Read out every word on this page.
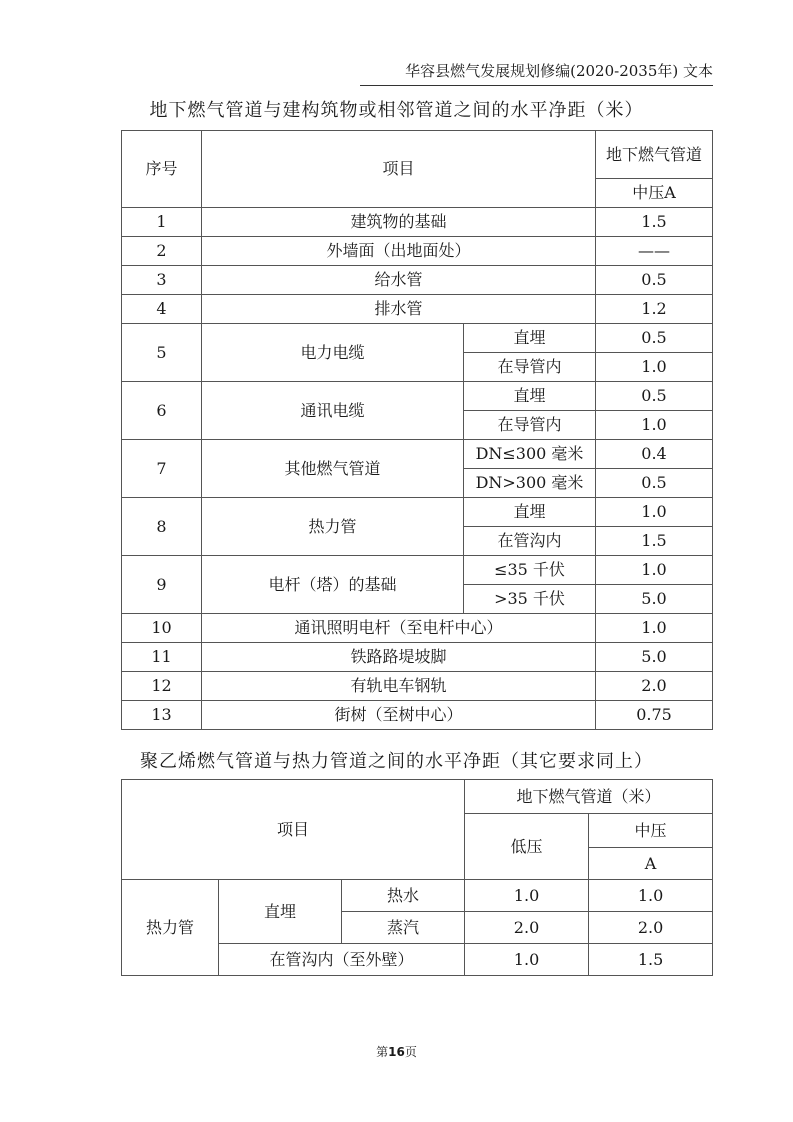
华容县燃气发展规划修编(2020-2035年) 文本
地下燃气管道与建构筑物或相邻管道之间的水平净距（米）
序号	项目		地下燃气管道
			中压A
1	建筑物的基础		1.5
2	外墙面（出地面处）		——
3	给水管		0.5
4	排水管		1.2
5	电力电缆	直埋	0.5
		在导管内	1.0
6	通讯电缆	直埋	0.5
		在导管内	1.0
7	其他燃气管道	DN≤300 毫米	0.4
		DN>300 毫米	0.5
8	热力管	直埋	1.0
		在管沟内	1.5
9	电杆（塔）的基础	≤35 千伏	1.0
		>35 千伏	5.0
10	通讯照明电杆（至电杆中心）		1.0
11	铁路路堤坡脚		5.0
12	有轨电车钢轨		2.0
13	街树（至树中心）		0.75
聚乙烯燃气管道与热力管道之间的水平净距（其它要求同上）
项目			地下燃气管道（米）	
			低压	中压
				A
热力管	直埋	热水	1.0	1.0
		蒸汽	2.0	2.0
	在管沟内（至外壁）		1.0	1.5
第16页
